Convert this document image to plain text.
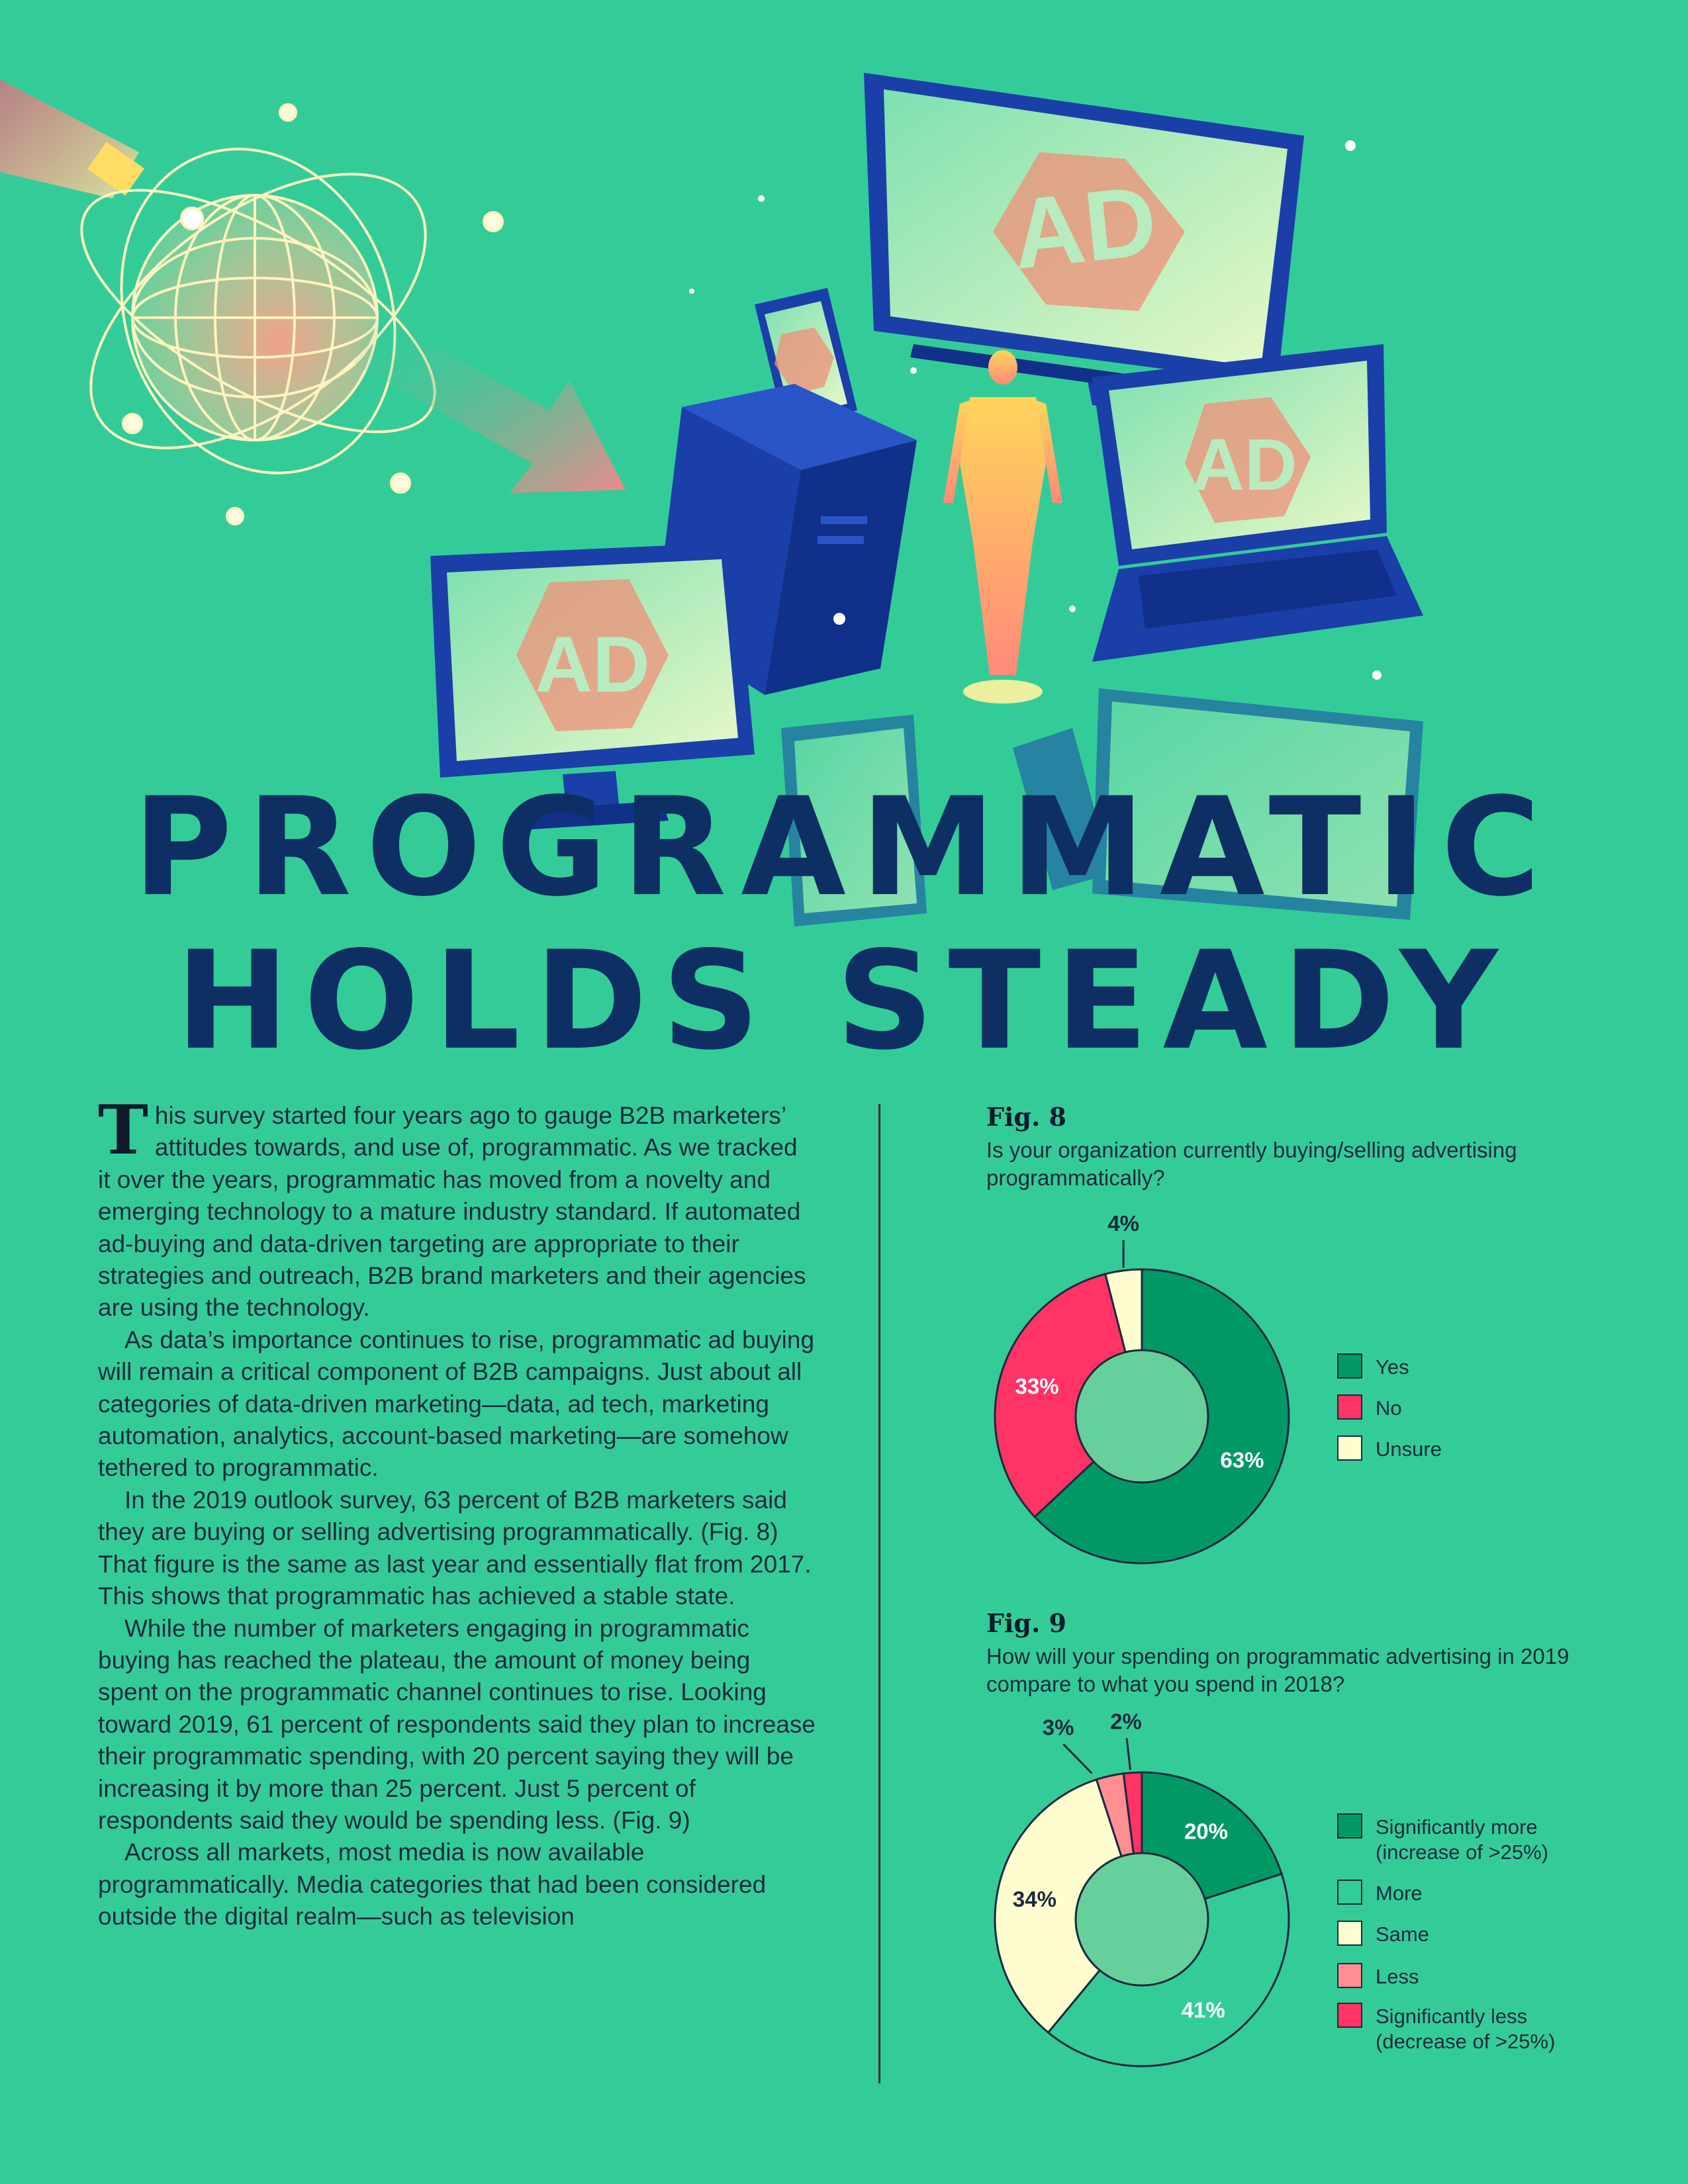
AD
AD
AD
PROGRAMMATIC
HOLDS STEADY

This survey started four years ago to gauge B2B marketers’ attitudes towards, and use of, programmatic. As we tracked it over the years, programmatic has moved from a novelty and emerging technology to a mature industry standard. If automated ad-buying and data-driven targeting are appropriate to their strategies and outreach, B2B brand marketers and their agencies are using the technology.

As data’s importance continues to rise, programmatic ad buying will remain a critical component of B2B campaigns. Just about all categories of data-driven marketing—data, ad tech, marketing automation, analytics, account-based marketing—are somehow tethered to programmatic.

In the 2019 outlook survey, 63 percent of B2B marketers said they are buying or selling advertising programmatically. (Fig. 8) That figure is the same as last year and essentially flat from 2017. This shows that programmatic has achieved a stable state.

While the number of marketers engaging in programmatic buying has reached the plateau, the amount of money being spent on the programmatic channel continues to rise. Looking toward 2019, 61 percent of respondents said they plan to increase their programmatic spending, with 20 percent saying they will be increasing it by more than 25 percent. Just 5 percent of respondents said they would be spending less. (Fig. 9)

Across all markets, most media is now available programmatically. Media categories that had been considered outside the digital realm—such as television

Fig. 8
Is your organization currently buying/selling advertising programmatically?
63%
33%
4%
Yes
No
Unsure
Fig. 9
How will your spending on programmatic advertising in 2019 compare to what you spend in 2018?
20%
41%
34%
3% 2%
Significantly more (increase of >25%)
More
Same
Less
Significantly less (decrease of >25%)
